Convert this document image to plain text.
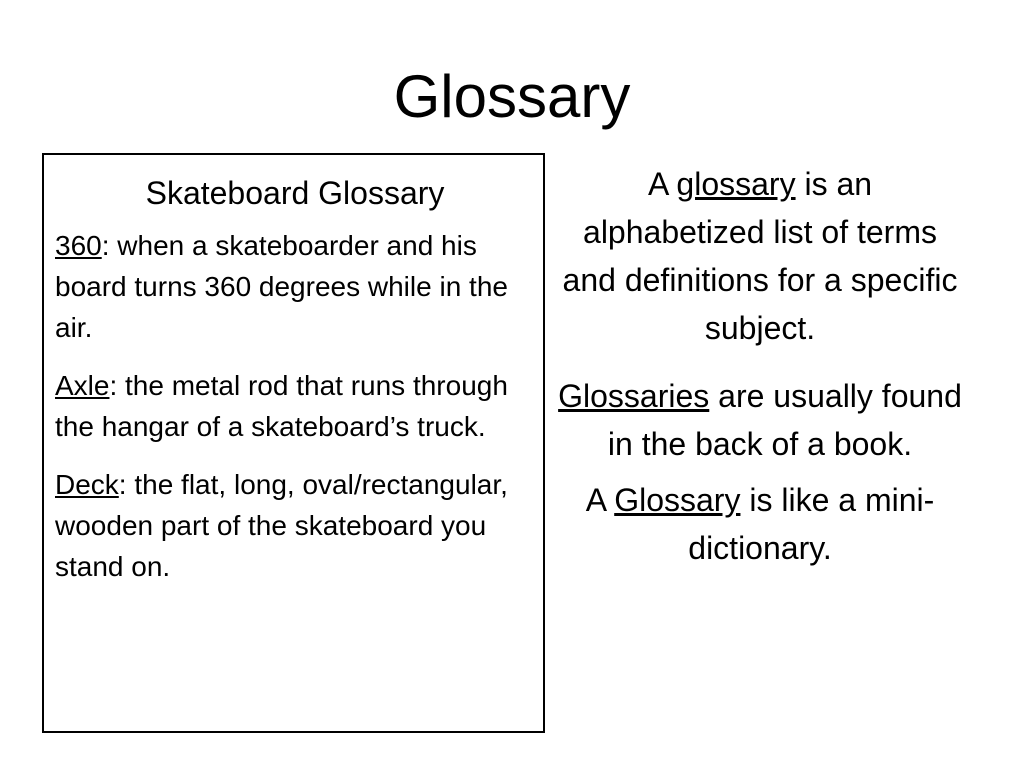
Glossary
Skateboard Glossary

360: when a skateboarder and his board turns 360 degrees while in the air.

Axle: the metal rod that runs through the hangar of a skateboard’s truck.

Deck: the flat, long, oval/rectangular, wooden part of the skateboard you stand on.

A glossary is an alphabetized list of terms and definitions for a specific subject.

Glossaries are usually found in the back of a book.

A Glossary is like a mini-dictionary.
